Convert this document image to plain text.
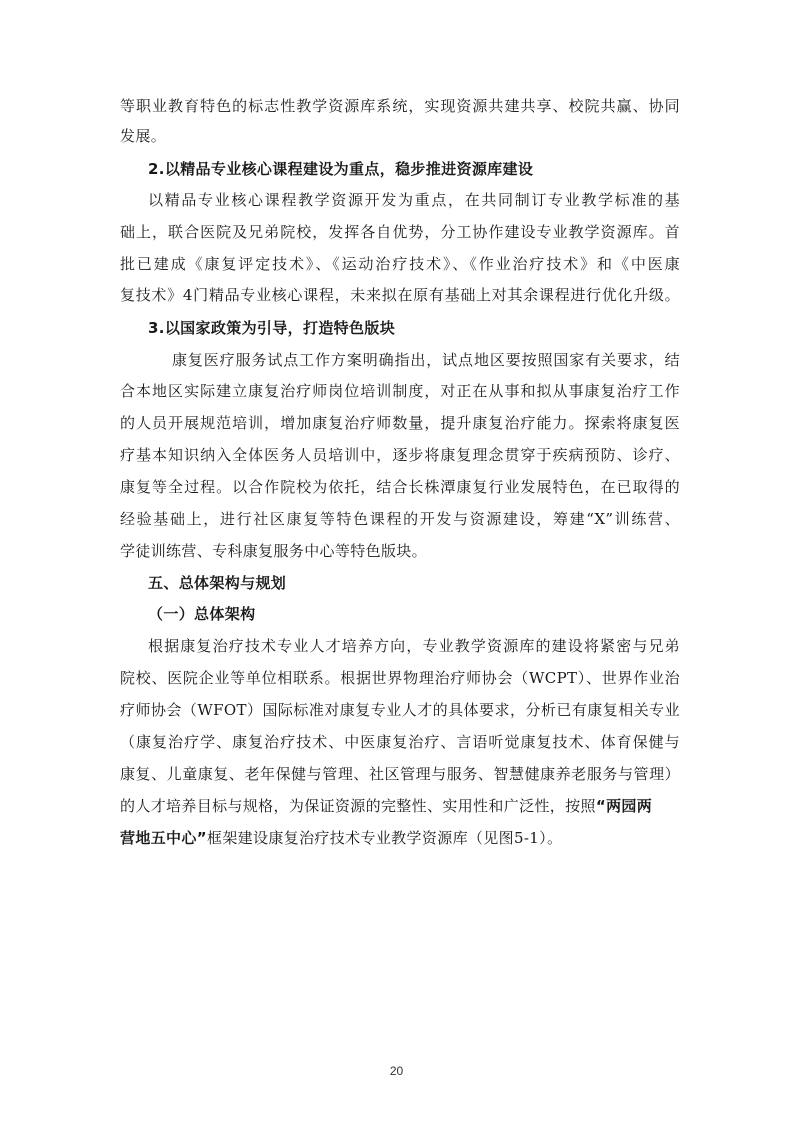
等职业教育特色的标志性教学资源库系统，实现资源共建共享、校院共赢、协同
发展。
2.以精品专业核心课程建设为重点，稳步推进资源库建设
以精品专业核心课程教学资源开发为重点，在共同制订专业教学标准的基
础上，联合医院及兄弟院校，发挥各自优势，分工协作建设专业教学资源库。首
批已建成《康复评定技术》、《运动治疗技术》、《作业治疗技术》和《中医康
复技术》4门精品专业核心课程，未来拟在原有基础上对其余课程进行优化升级。
3.以国家政策为引导，打造特色版块
康复医疗服务试点工作方案明确指出，试点地区要按照国家有关要求，结
合本地区实际建立康复治疗师岗位培训制度，对正在从事和拟从事康复治疗工作
的人员开展规范培训，增加康复治疗师数量，提升康复治疗能力。探索将康复医
疗基本知识纳入全体医务人员培训中，逐步将康复理念贯穿于疾病预防、诊疗、
康复等全过程。以合作院校为依托，结合长株潭康复行业发展特色，在已取得的
经验基础上，进行社区康复等特色课程的开发与资源建设，筹建“X”训练营、
学徒训练营、专科康复服务中心等特色版块。
五、总体架构与规划
（一）总体架构
根据康复治疗技术专业人才培养方向，专业教学资源库的建设将紧密与兄弟
院校、医院企业等单位相联系。根据世界物理治疗师协会（WCPT）、世界作业治
疗师协会（WFOT）国际标准对康复专业人才的具体要求，分析已有康复相关专业
（康复治疗学、康复治疗技术、中医康复治疗、言语听觉康复技术、体育保健与
康复、儿童康复、老年保健与管理、社区管理与服务、智慧健康养老服务与管理）
的人才培养目标与规格，为保证资源的完整性、实用性和广泛性，按照“两园两
营地五中心”框架建设康复治疗技术专业教学资源库（见图5-1）。
20
